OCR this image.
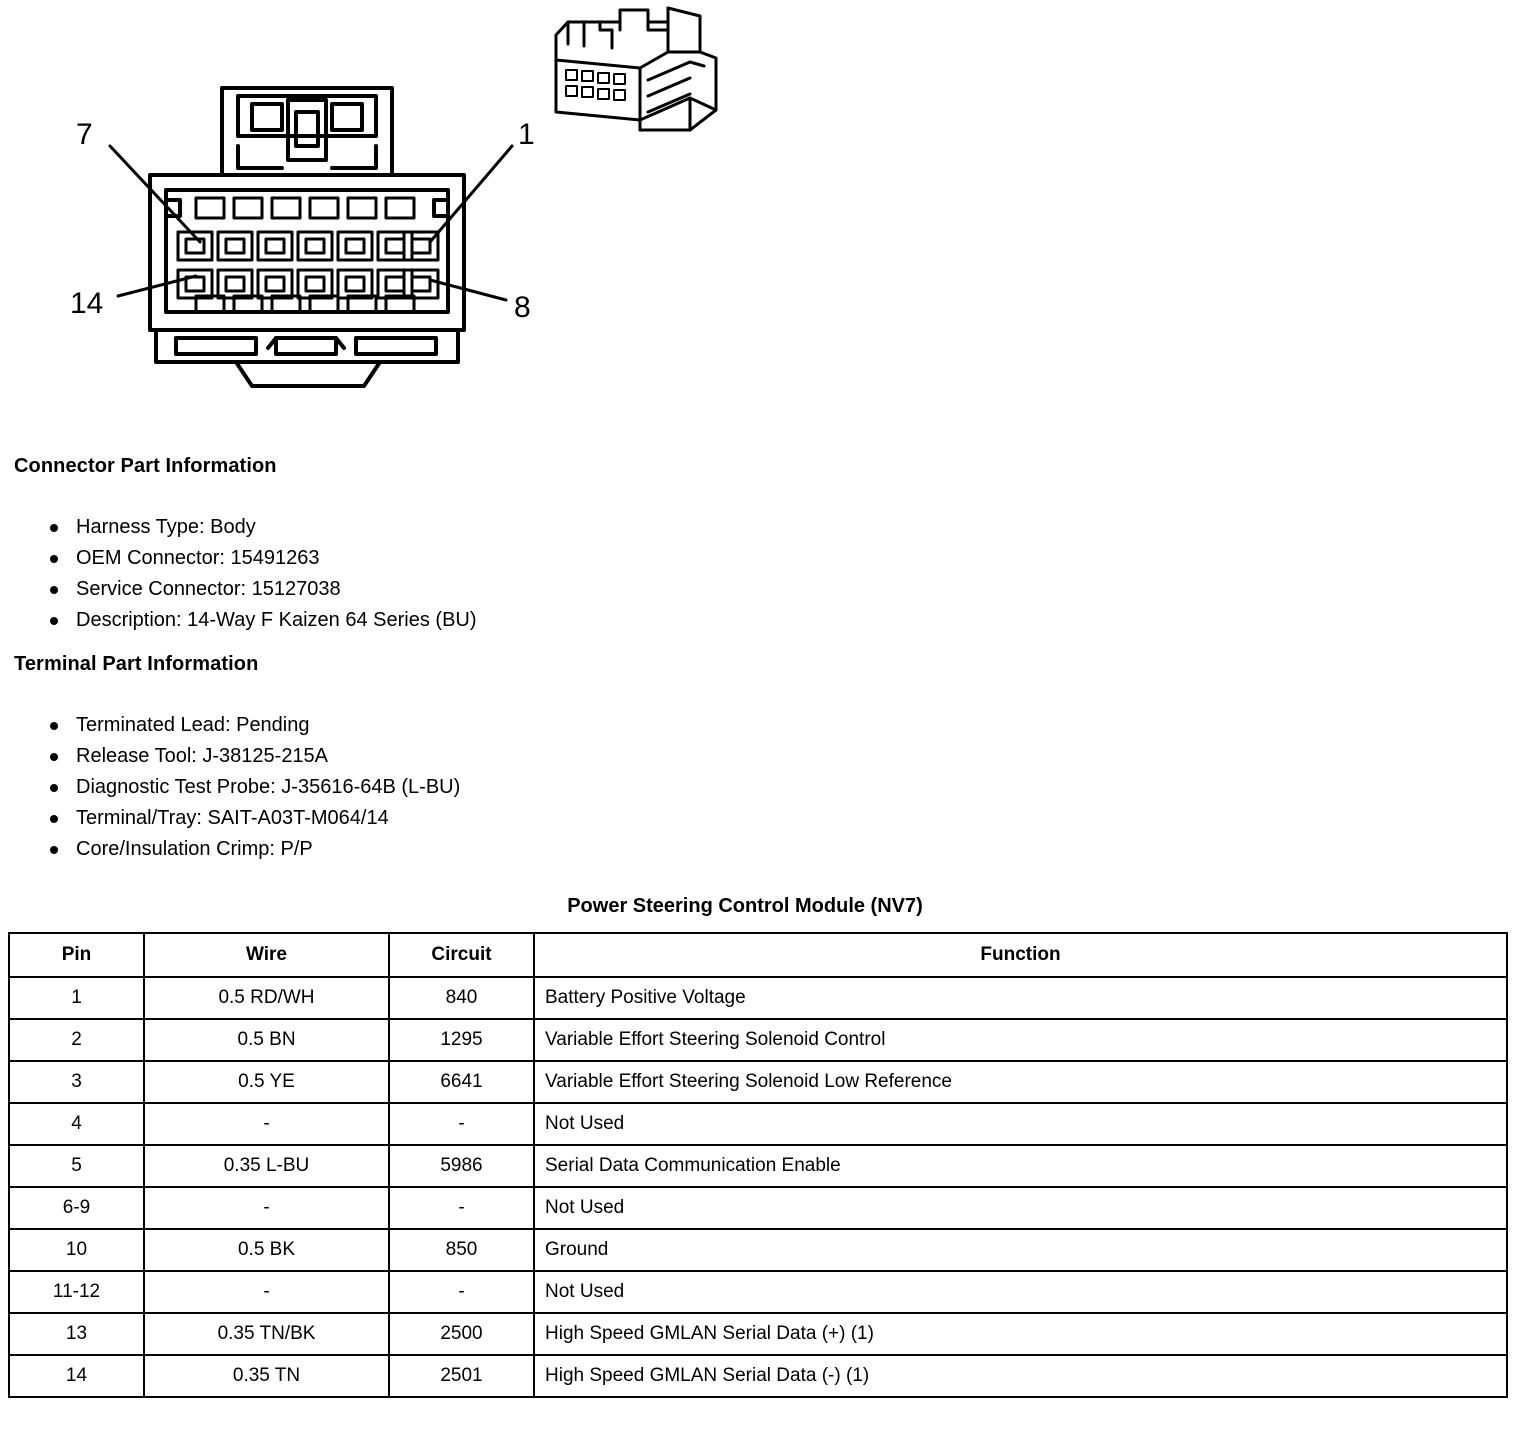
7	1
14	8
Connector Part Information
Harness Type: Body
OEM Connector: 15491263
Service Connector: 15127038
Description: 14-Way F Kaizen 64 Series (BU)
Terminal Part Information
Terminated Lead: Pending
Release Tool: J-38125-215A
Diagnostic Test Probe: J-35616-64B (L-BU)
Terminal/Tray: SAIT-A03T-M064/14
Core/Insulation Crimp: P/P
Power Steering Control Module (NV7)
Pin	Wire	Circuit	Function
1	0.5 RD/WH	840	Battery Positive Voltage
2	0.5 BN	1295	Variable Effort Steering Solenoid Control
3	0.5 YE	6641	Variable Effort Steering Solenoid Low Reference
4	-	-	Not Used
5	0.35 L-BU	5986	Serial Data Communication Enable
6-9	-	-	Not Used
10	0.5 BK	850	Ground
11-12	-	-	Not Used
13	0.35 TN/BK	2500	High Speed GMLAN Serial Data (+) (1)
14	0.35 TN	2501	High Speed GMLAN Serial Data (-) (1)
